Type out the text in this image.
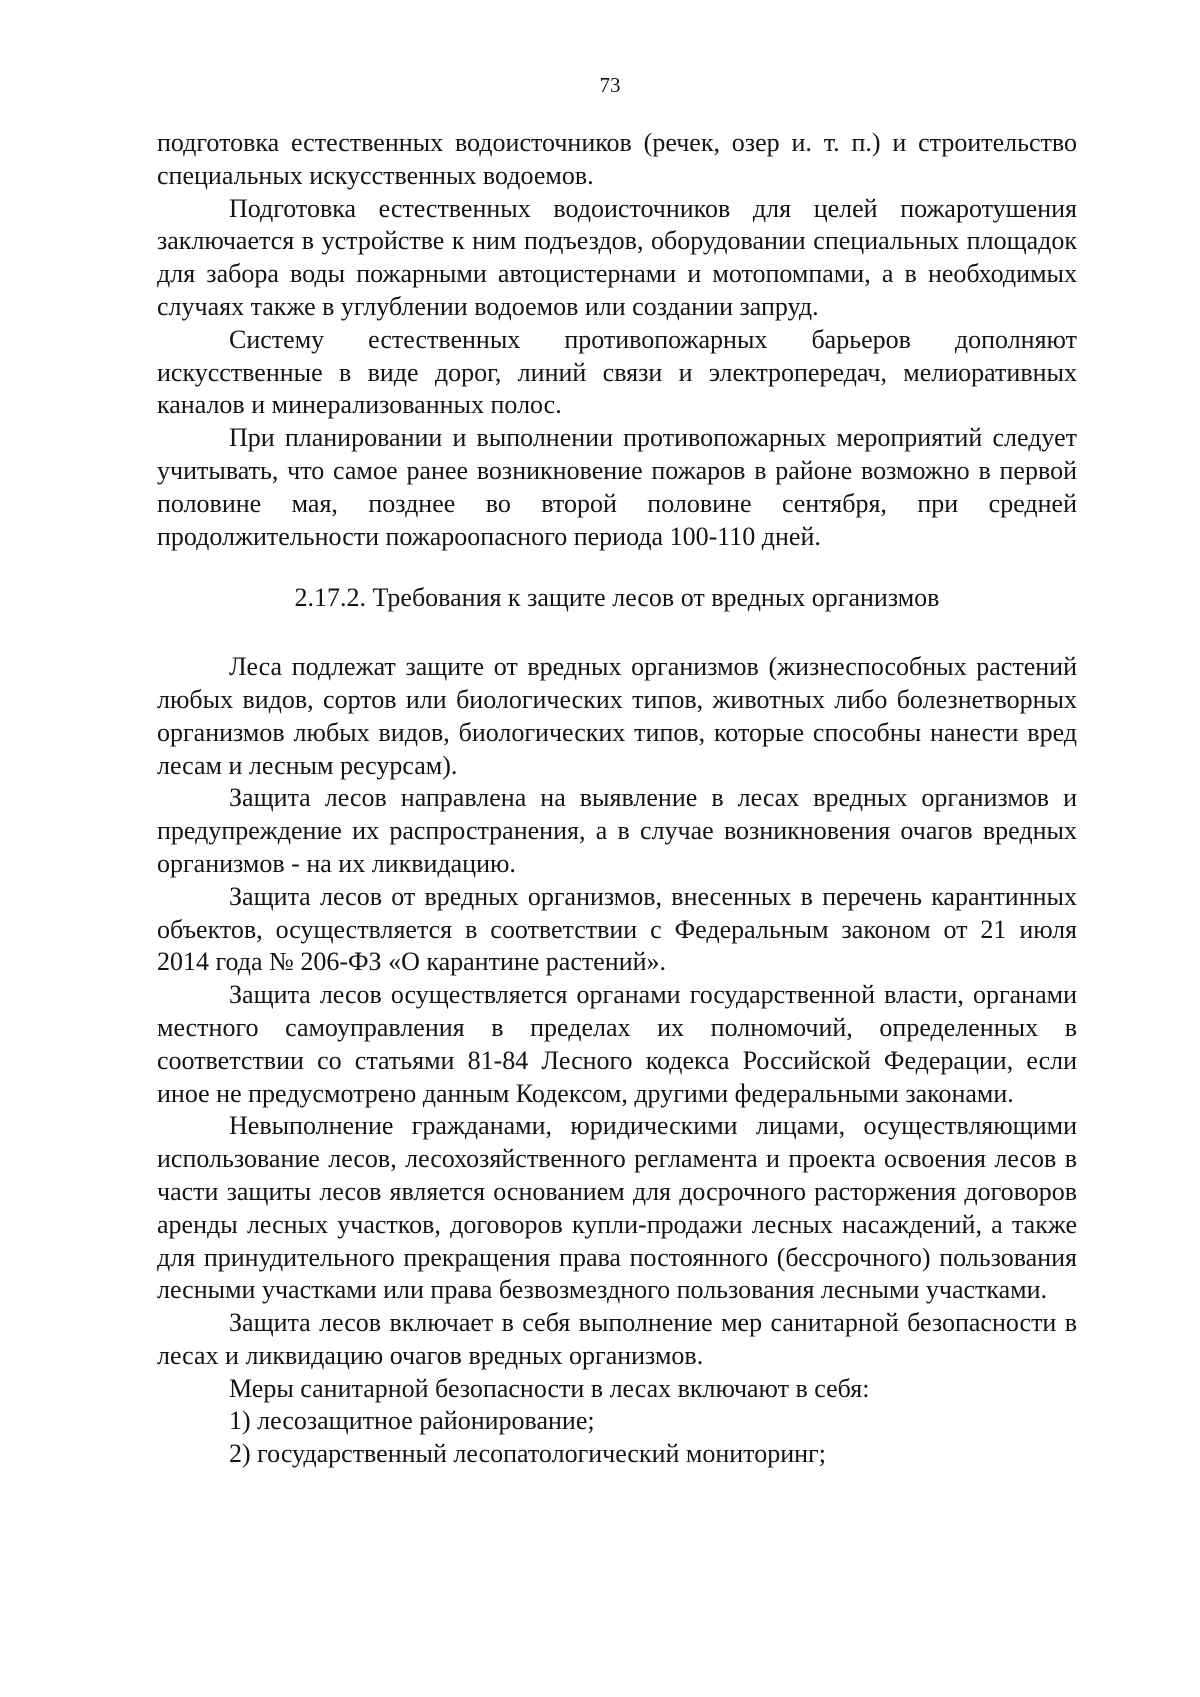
73

подготовка естественных водоисточников (речек, озер и. т. п.) и строительство специальных искусственных водоемов.

Подготовка естественных водоисточников для целей пожаротушения заключается в устройстве к ним подъездов, оборудовании специальных площадок для забора воды пожарными автоцистернами и мотопомпами, а в необходимых случаях также в углублении водоемов или создании запруд.

Систему естественных противопожарных барьеров дополняют искусственные в виде дорог, линий связи и электропередач, мелиоративных каналов и минерализованных полос.

При планировании и выполнении противопожарных мероприятий следует учитывать, что самое ранее возникновение пожаров в районе возможно в первой половине мая, позднее во второй половине сентября, при средней продолжительности пожароопасного периода 100-110 дней.

2.17.2. Требования к защите лесов от вредных организмов

Леса подлежат защите от вредных организмов (жизнеспособных растений любых видов, сортов или биологических типов, животных либо болезнетворных организмов любых видов, биологических типов, которые способны нанести вред лесам и лесным ресурсам).

Защита лесов направлена на выявление в лесах вредных организмов и предупреждение их распространения, а в случае возникновения очагов вредных организмов - на их ликвидацию.

Защита лесов от вредных организмов, внесенных в перечень карантинных объектов, осуществляется в соответствии с Федеральным законом от 21 июля 2014 года № 206-ФЗ «О карантине растений».

Защита лесов осуществляется органами государственной власти, органами местного самоуправления в пределах их полномочий, определенных в соответствии со статьями 81-84 Лесного кодекса Российской Федерации, если иное не предусмотрено данным Кодексом, другими федеральными законами.

Невыполнение гражданами, юридическими лицами, осуществляющими использование лесов, лесохозяйственного регламента и проекта освоения лесов в части защиты лесов является основанием для досрочного расторжения договоров аренды лесных участков, договоров купли-продажи лесных насаждений, а также для принудительного прекращения права постоянного (бессрочного) пользования лесными участками или права безвозмездного пользования лесными участками.

Защита лесов включает в себя выполнение мер санитарной безопасности в лесах и ликвидацию очагов вредных организмов.

Меры санитарной безопасности в лесах включают в себя:

1) лесозащитное районирование;

2) государственный лесопатологический мониторинг;
